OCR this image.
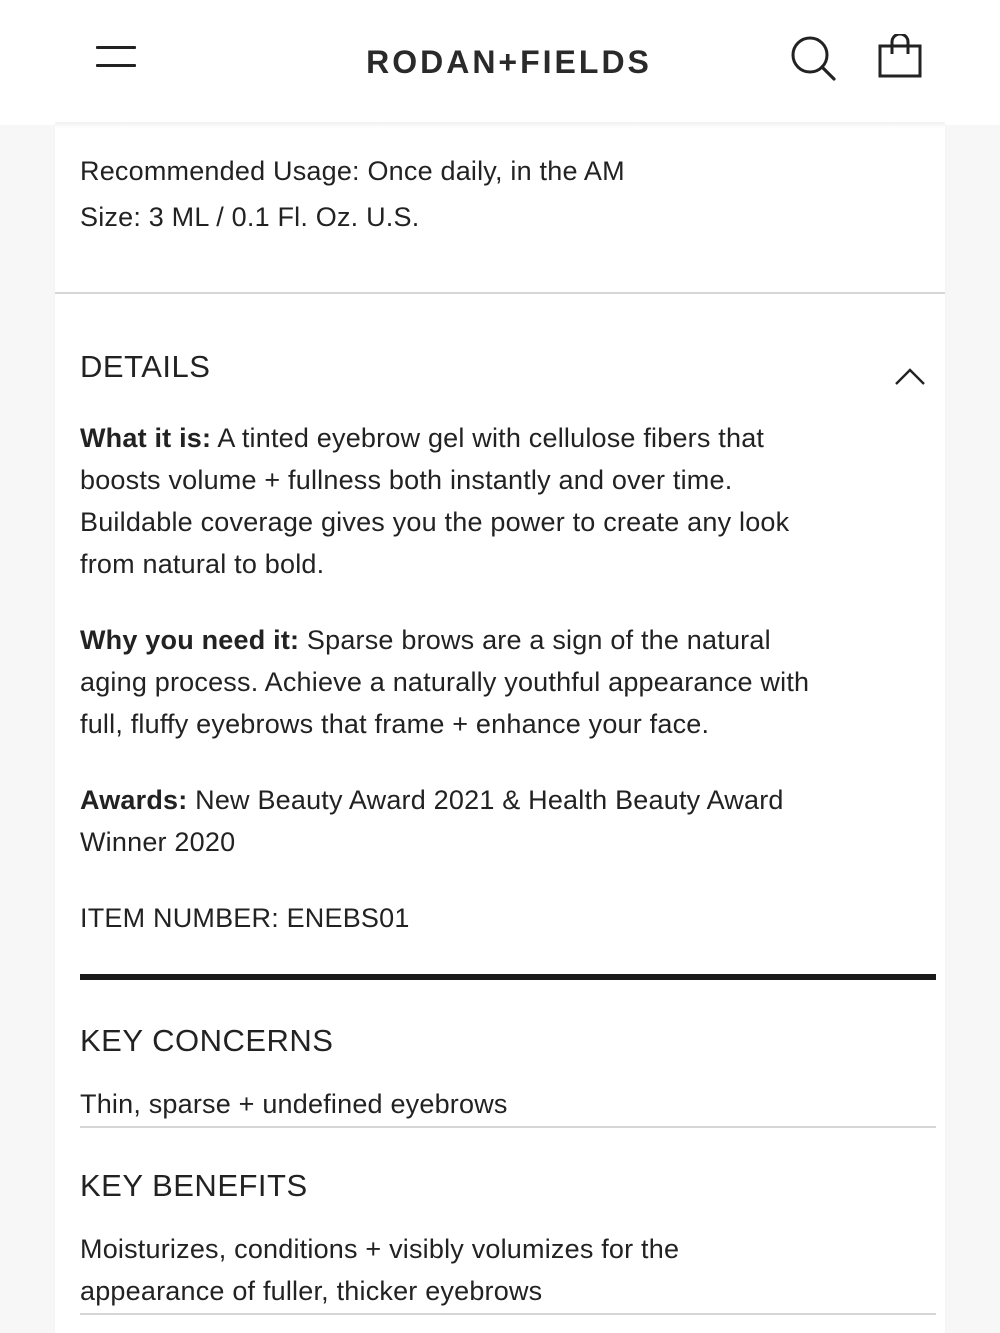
RODAN+FIELDS
Recommended Usage: Once daily, in the AM
Size: 3 ML / 0.1 Fl. Oz. U.S.
DETAILS
What it is: A tinted eyebrow gel with cellulose fibers that
boosts volume + fullness both instantly and over time.
Buildable coverage gives you the power to create any look
from natural to bold.
Why you need it: Sparse brows are a sign of the natural
aging process. Achieve a naturally youthful appearance with
full, fluffy eyebrows that frame + enhance your face.
Awards: New Beauty Award 2021 & Health Beauty Award
Winner 2020
ITEM NUMBER: ENEBS01
KEY CONCERNS
Thin, sparse + undefined eyebrows
KEY BENEFITS
Moisturizes, conditions + visibly volumizes for the
appearance of fuller, thicker eyebrows
